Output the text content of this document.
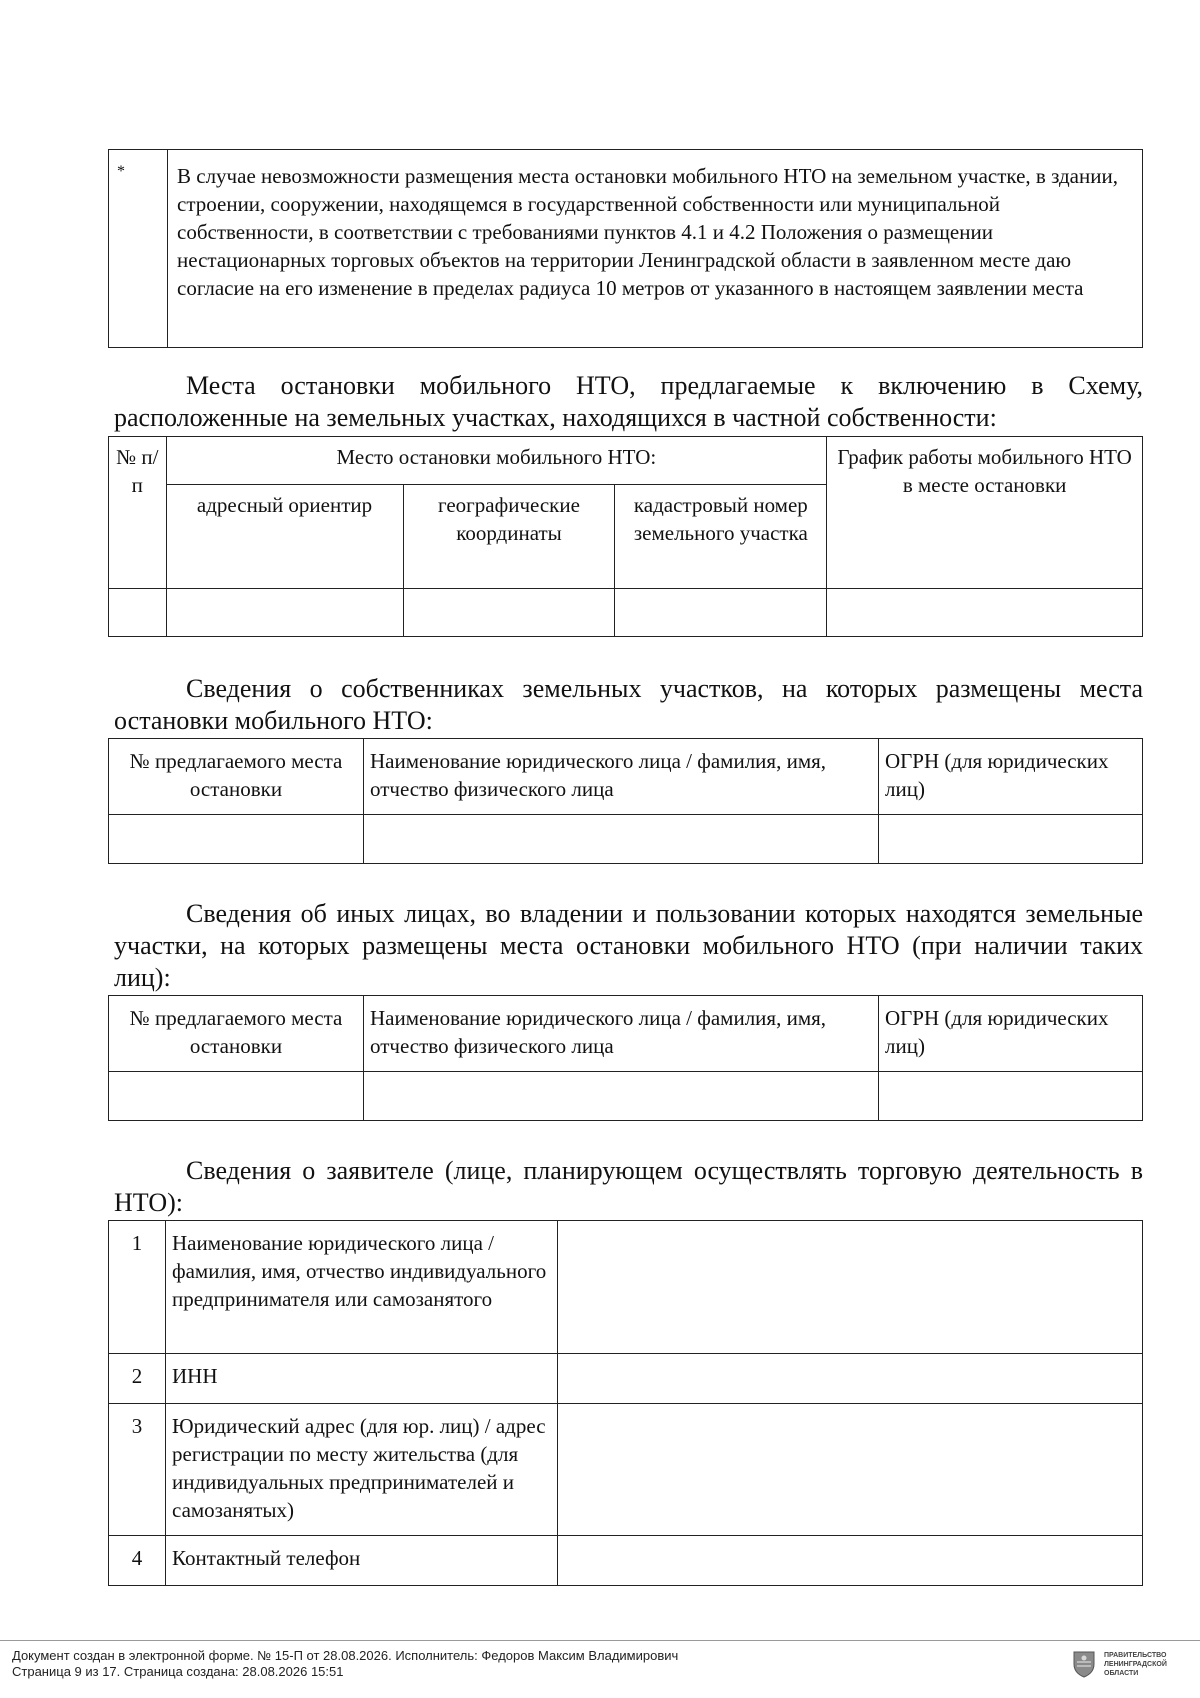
*	В случае невозможности размещения места остановки мобильного НТО на земельном участке, в здании, строении, сооружении, находящемся в государственной собственности или муниципальной собственности, в соответствии с требованиями пунктов 4.1 и 4.2 Положения о размещении нестационарных торговых объектов на территории Ленинградской области в заявленном месте даю согласие на его изменение в пределах радиуса 10 метров от указанного в настоящем заявлении места

Места остановки мобильного НТО, предлагаемые к включению в Схему, расположенные на земельных участках, находящихся в частной собственности:

№ п/п	Место остановки мобильного НТО:			График работы мобильного НТО в месте остановки
	адресный ориентир	географические координаты	кадастровый номер земельного участка	

Сведения о собственниках земельных участков, на которых размещены места остановки мобильного НТО:

№ предлагаемого места остановки	Наименование юридического лица / фамилия, имя, отчество физического лица	ОГРН (для юридических лиц)

Сведения об иных лицах, во владении и пользовании которых находятся земельные участки, на которых размещены места остановки мобильного НТО (при наличии таких лиц):

№ предлагаемого места остановки	Наименование юридического лица / фамилия, имя, отчество физического лица	ОГРН (для юридических лиц)

Сведения о заявителе (лице, планирующем осуществлять торговую деятельность в НТО):

1	Наименование юридического лица / фамилия, имя, отчество индивидуального предпринимателя или самозанятого	
2	ИНН	
3	Юридический адрес (для юр. лиц) / адрес регистрации по месту жительства (для индивидуальных предпринимателей и самозанятых)	
4	Контактный телефон	
Документ создан в электронной форме. № 15-П от 28.08.2026. Исполнитель: Федоров Максим Владимирович
Страница 9 из 17. Страница создана: 28.08.2026 15:51
ПРАВИТЕЛЬСТВО ЛЕНИНГРАДСКОЙ ОБЛАСТИ
